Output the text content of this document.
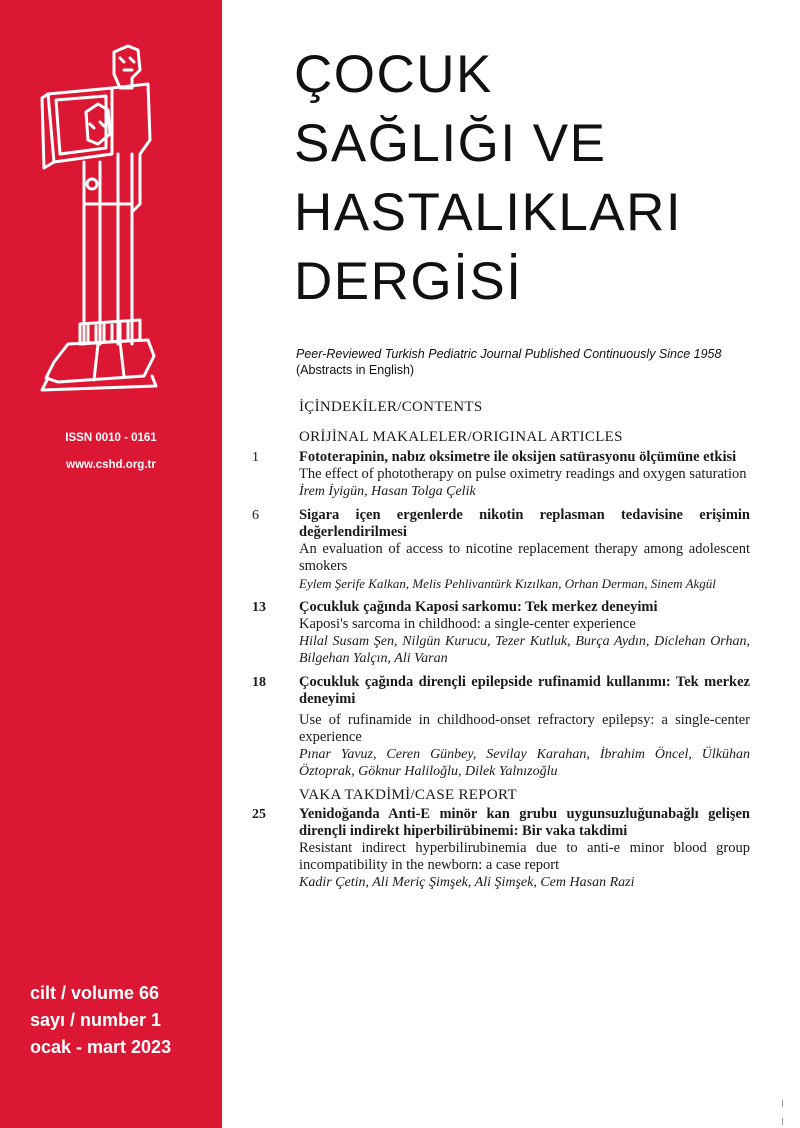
ISSN 0010 - 0161
www.cshd.org.tr
cilt / volume 66
sayı / number 1
ocak - mart 2023
ÇOCUK
SAĞLIĞI VE
HASTALIKLARI
DERGİSİ
Peer-Reviewed Turkish Pediatric Journal Published Continuously Since 1958
(Abstracts in English)
İÇİNDEKİLER/CONTENTS
ORİJİNAL MAKALELER/ORIGINAL ARTICLES
1	Fototerapinin, nabız oksimetre ile oksijen satürasyonu ölçümüne etkisi
The effect of phototherapy on pulse oximetry readings and oxygen saturation
İrem İyigün, Hasan Tolga Çelik
6	Sigara içen ergenlerde nikotin replasman tedavisine erişimin değerlendirilmesi
An evaluation of access to nicotine replacement therapy among adolescent smokers
Eylem Şerife Kalkan, Melis Pehlivantürk Kızılkan, Orhan Derman, Sinem Akgül
13 Çocukluk çağında Kaposi sarkomu: Tek merkez deneyimi
Kaposi's sarcoma in childhood: a single-center experience
Hilal Susam Şen, Nilgün Kurucu, Tezer Kutluk, Burça Aydın, Diclehan Orhan, Bilgehan Yalçın, Ali Varan
18 Çocukluk çağında dirençli epilepside rufinamid kullanımı: Tek merkez deneyimi
Use of rufinamide in childhood-onset refractory epilepsy: a single-center experience
Pınar Yavuz, Ceren Günbey, Sevilay Karahan, İbrahim Öncel, Ülkühan Öztoprak, Göknur Haliloğlu, Dilek Yalnızoğlu
VAKA TAKDİMİ/CASE REPORT
25 Yenidoğanda Anti-E minör kan grubu uygunsuzluğunabağlı gelişen dirençli indirekt hiperbilirübinemi: Bir vaka takdimi
Resistant indirect hyperbilirubinemia due to anti-e minor blood group incompatibility in the newborn: a case report
Kadir Çetin, Ali Meriç Şimşek, Ali Şimşek, Cem Hasan Razi
